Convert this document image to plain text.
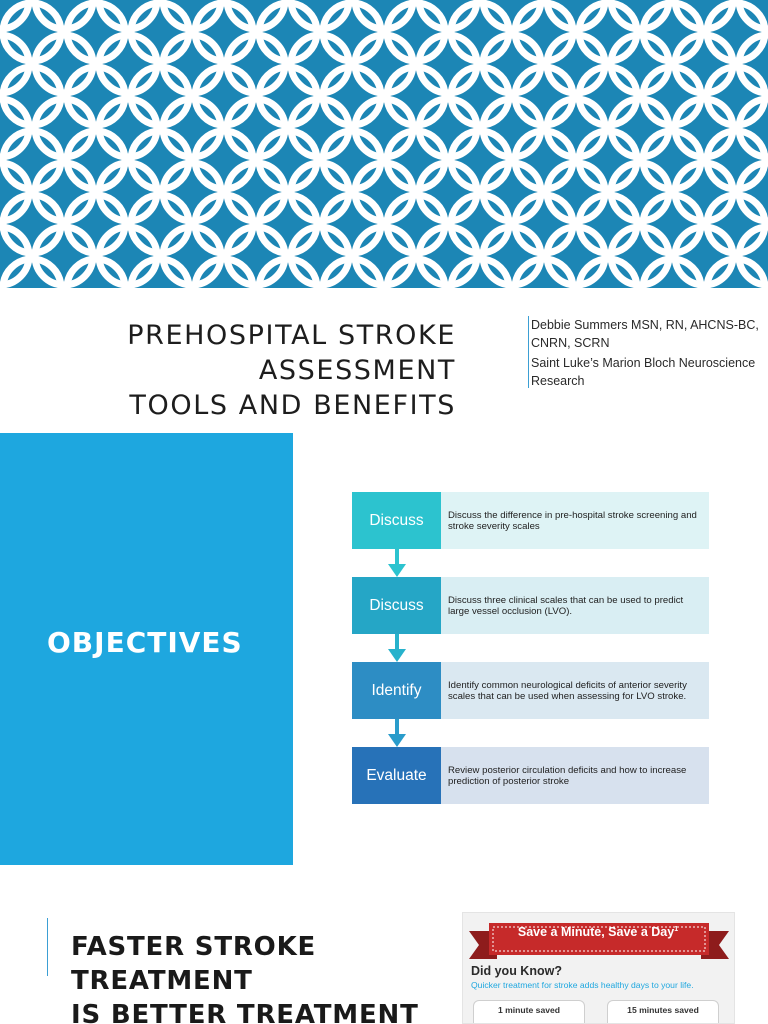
PREHOSPITAL STROKE ASSESSMENT
TOOLS AND BENEFITS

Debbie Summers MSN, RN, AHCNS-BC, CNRN, SCRN

Saint Luke’s Marion Bloch Neuroscience Research

OBJECTIVES
Discuss	Discuss the difference in pre-hospital stroke screening and stroke severity scales
Discuss	Discuss three clinical scales that can be used to predict large vessel occlusion (LVO).
Identify	Identify common neurological deficits of anterior severity scales that can be used when assessing for LVO stroke.
Evaluate	Review posterior circulation deficits and how to increase prediction of posterior stroke
FASTER STROKE TREATMENT
IS BETTER TREATMENT
Save a Minute, Save a Day$^1$
Did you Know?
Quicker treatment for stroke adds healthy days to your life.
1 minute saved	15 minutes saved
